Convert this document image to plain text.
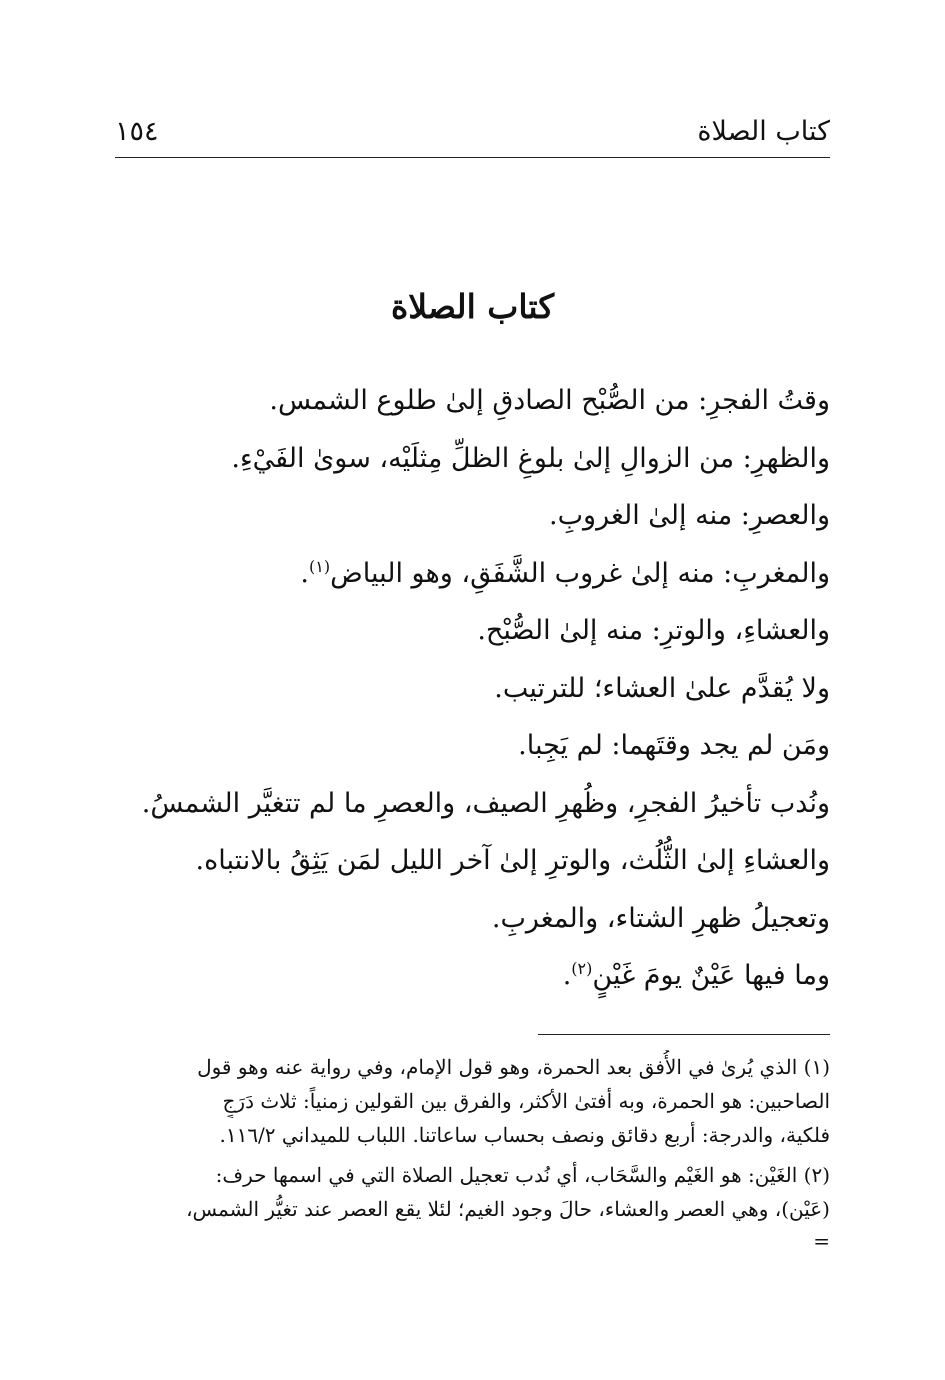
كتاب الصلاة
١٥٤
كتاب الصلاة
وقتُ الفجرِ: من الصُّبْح الصادقِ إلىٰ طلوع الشمس.
والظهرِ: من الزوالِ إلىٰ بلوغِ الظلِّ مِثلَيْه، سوىٰ الفَيْءِ.
والعصرِ: منه إلىٰ الغروبِ.
والمغربِ: منه إلىٰ غروب الشَّفَقِ، وهو البياض$^{(١)}$.
والعشاءِ، والوترِ: منه إلىٰ الصُّبْح.
ولا يُقدَّم علىٰ العشاء؛ للترتيب.
ومَن لم يجد وقتَهما: لم يَجِبا.
ونُدب تأخيرُ الفجرِ، وظُهرِ الصيف، والعصرِ ما لم تتغيَّر الشمسُ.
والعشاءِ إلىٰ الثُّلُث، والوترِ إلىٰ آخر الليل لمَن يَثِقُ بالانتباه.
وتعجيلُ ظهرِ الشتاء، والمغربِ.
وما فيها عَيْنٌ يومَ غَيْنٍ$^{(٢)}$.
(١) الذي يُرىٰ في الأُفق بعد الحمرة، وهو قول الإمام، وفي رواية عنه وهو قول
الصاحبين: هو الحمرة، وبه أفتىٰ الأكثر، والفرق بين القولين زمنياً: ثلاث دَرَجٍ
فلكية، والدرجة: أربع دقائق ونصف بحساب ساعاتنا. اللباب للميداني ١١٦/٢.
(٢) الغَيْن: هو الغَيْم والسَّحَاب، أي نُدب تعجيل الصلاة التي في اسمها حرف:
(عَيْن)، وهي العصر والعشاء، حالَ وجود الغيم؛ لئلا يقع العصر عند تغيُّر الشمس،
=
